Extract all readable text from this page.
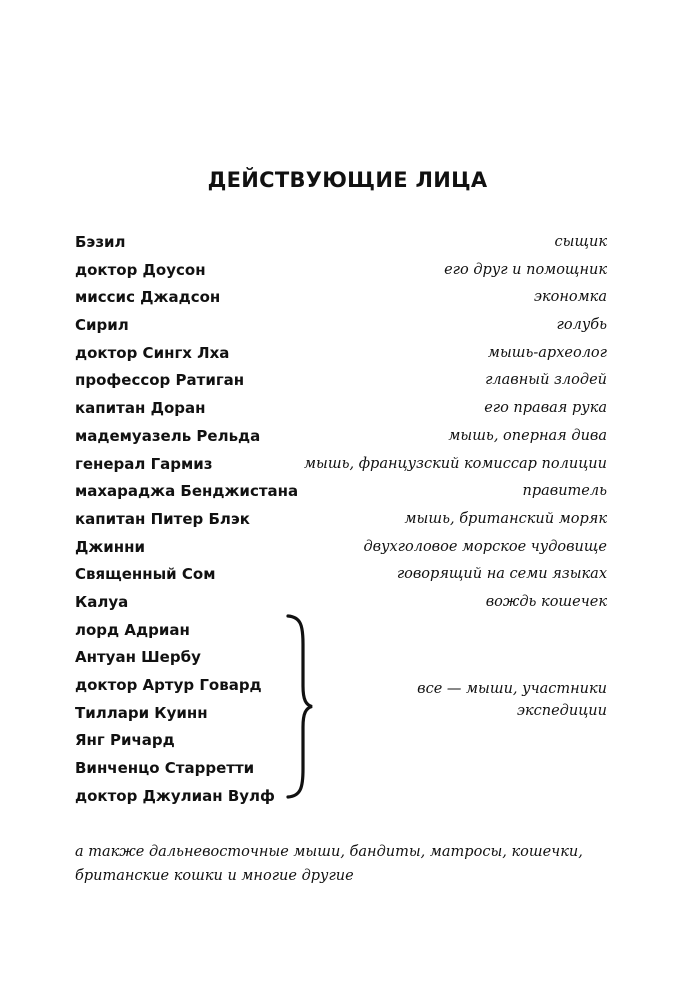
ДЕЙСТВУЮЩИЕ ЛИЦА
Бэзил	сыщик
доктор Доусон	его друг и помощник
миссис Джадсон	экономка
Сирил	голубь
доктор Сингх Лха	мышь-археолог
профессор Ратиган	главный злодей
капитан Доран	его правая рука
мадемуазель Рельда	мышь, оперная дива
генерал Гармиз	мышь, французский комиссар полиции
махараджа Бенджистана	правитель
капитан Питер Блэк	мышь, британский моряк
Джинни	двухголовое морское чудовище
Священный Сом	говорящий на семи языках
Калуа	вождь кошечек
лорд Адриан
Антуан Шербу
доктор Артур Говард
Тиллари Куинн
Янг Ричард
Винченцо Старретти
доктор Джулиан Вулф
все — мыши, участники
экспедиции
а также дальневосточные мыши, бандиты, матросы, кошечки,
британские кошки и многие другие
